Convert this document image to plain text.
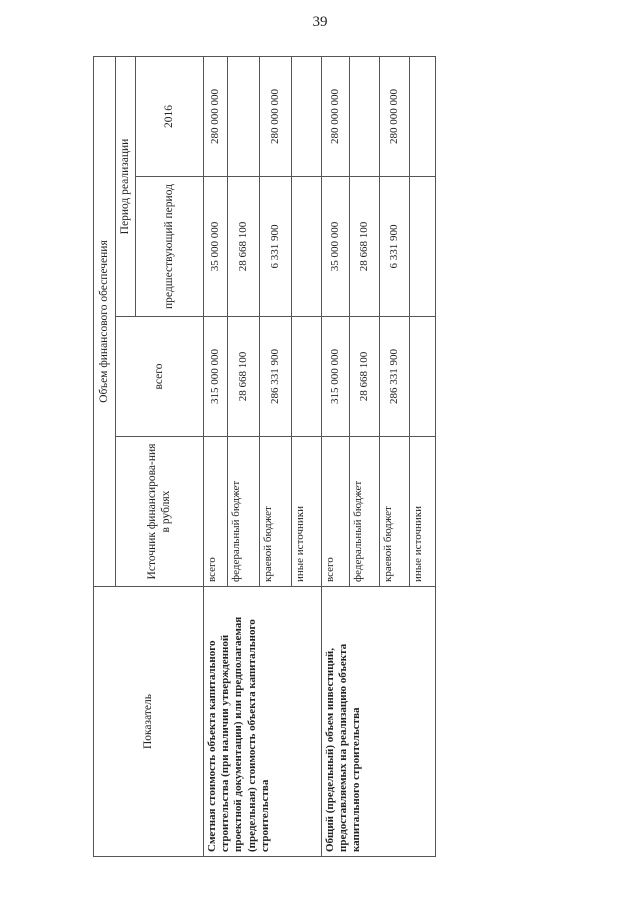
39
Показатель	Объем финансового обеспечения			
	Источник финансирова-ния в рублях	всего	Период реализации	
			предшествующий период	2016
Сметная стоимость объекта капитального строительства (при наличии утвержденной проектной документации) или предполагаемая (предельная) стоимость объекта капитального строительства	всего	315 000 000	35 000 000	280 000 000
	федеральный бюджет	28 668 100	28 668 100	
	краевой бюджет	286 331 900	6 331 900	280 000 000
	иные источники			
Общий (предельный) объем инвестиций, предоставляемых на реализацию объекта капитального строительства	всего	315 000 000	35 000 000	280 000 000
	федеральный бюджет	28 668 100	28 668 100	
	краевой бюджет	286 331 900	6 331 900	280 000 000
	иные источники			
